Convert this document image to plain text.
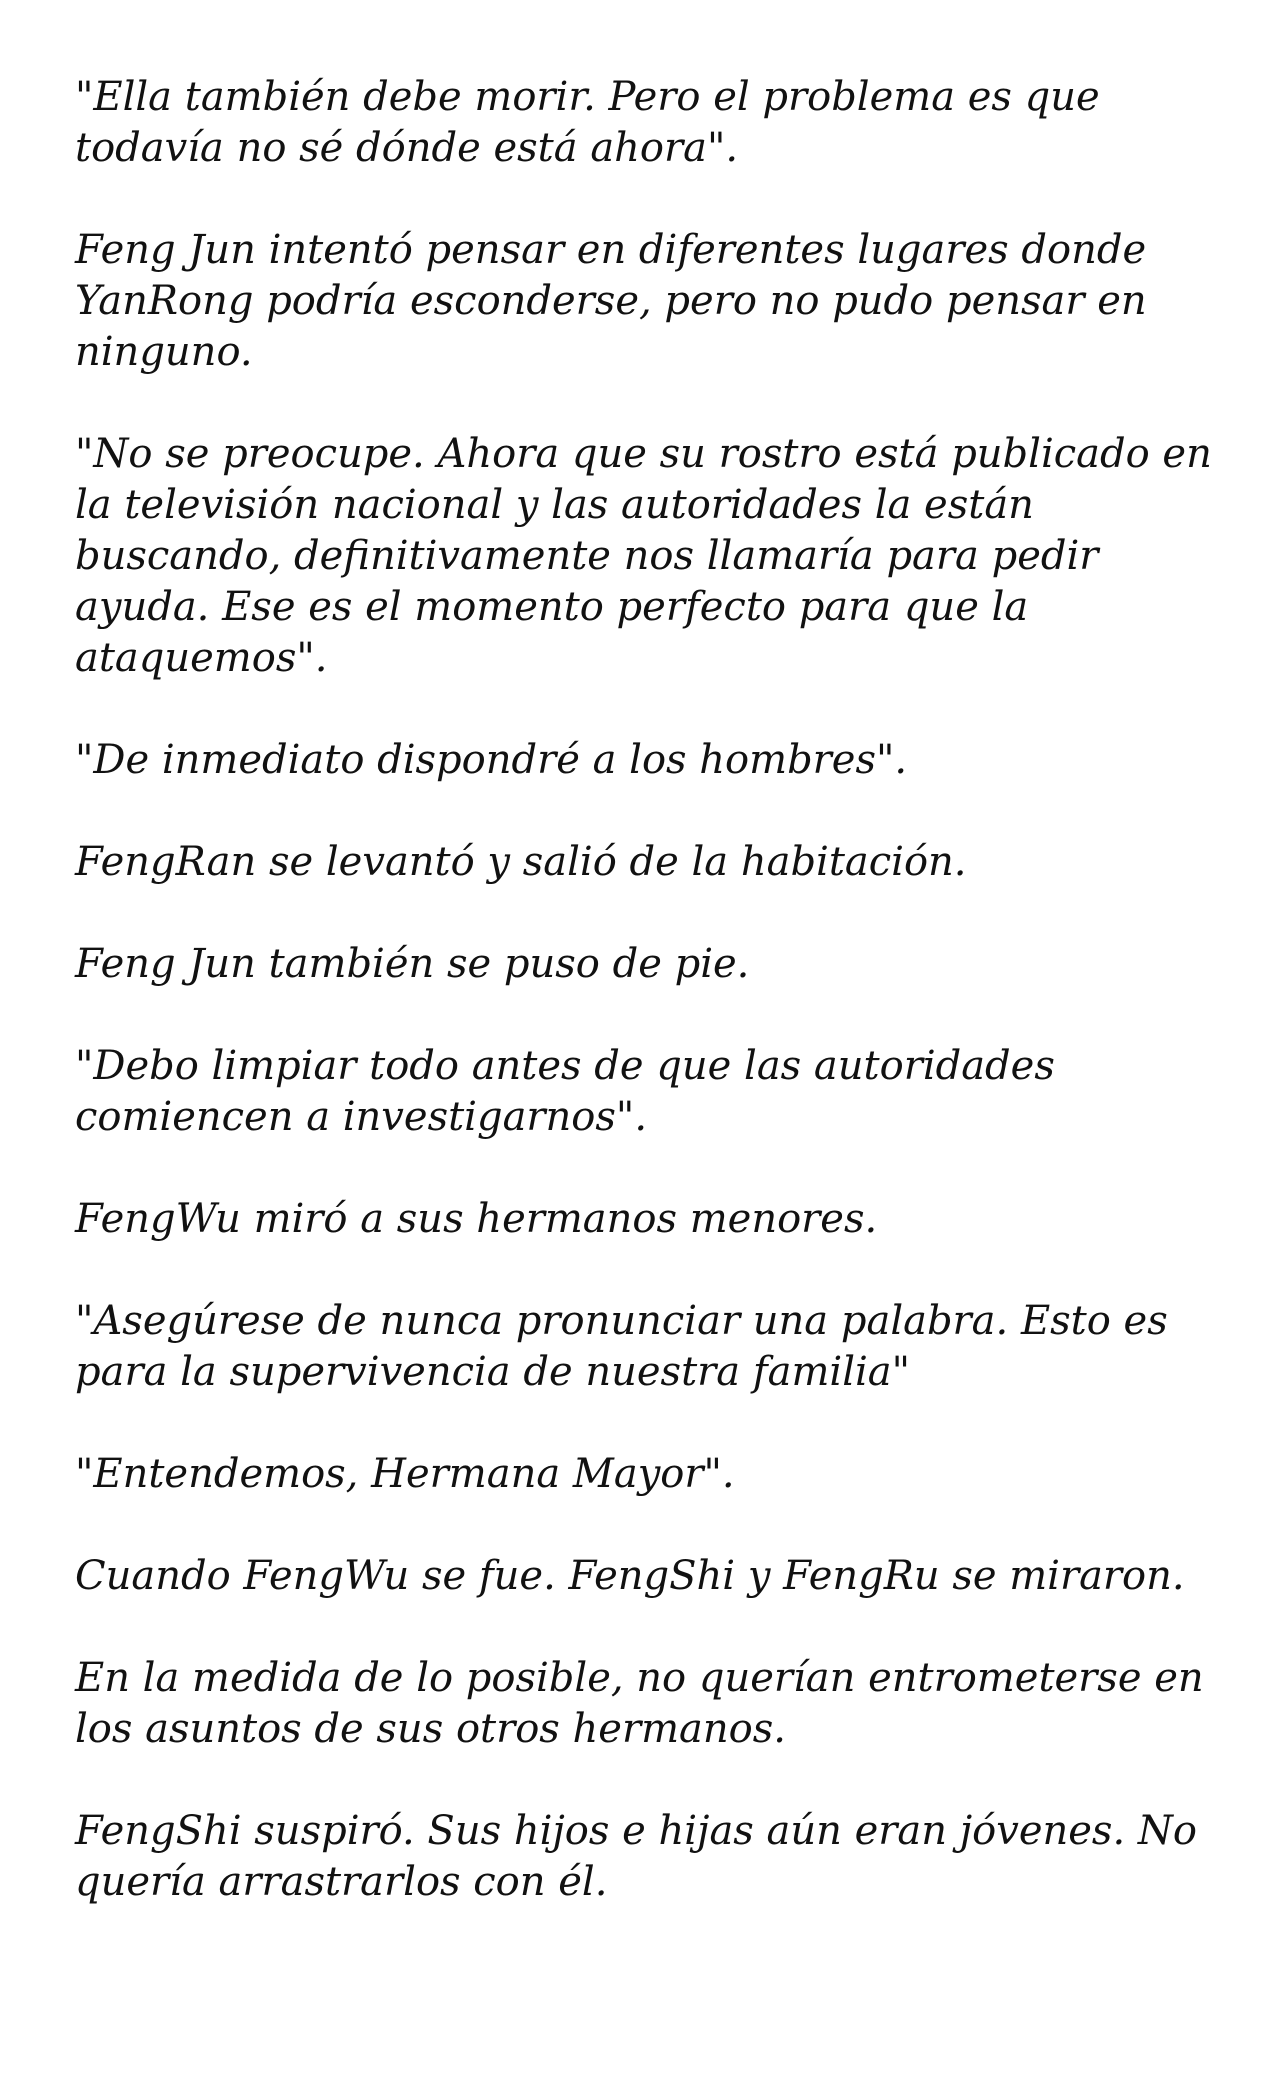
"Ella también debe morir. Pero el problema es que todavía no sé dónde está ahora".

Feng Jun intentó pensar en diferentes lugares donde YanRong podría esconderse, pero no pudo pensar en ninguno.

"No se preocupe. Ahora que su rostro está publicado en la televisión nacional y las autoridades la están buscando, definitivamente nos llamaría para pedir ayuda. Ese es el momento perfecto para que la ataquemos".

"De inmediato dispondré a los hombres".

FengRan se levantó y salió de la habitación.

Feng Jun también se puso de pie.

"Debo limpiar todo antes de que las autoridades comiencen a investigarnos".

FengWu miró a sus hermanos menores.

"Asegúrese de nunca pronunciar una palabra. Esto es para la supervivencia de nuestra familia"

"Entendemos, Hermana Mayor".

Cuando FengWu se fue. FengShi y FengRu se miraron.

En la medida de lo posible, no querían entrometerse en los asuntos de sus otros hermanos.

FengShi suspiró. Sus hijos e hijas aún eran jóvenes. No quería arrastrarlos con él.
